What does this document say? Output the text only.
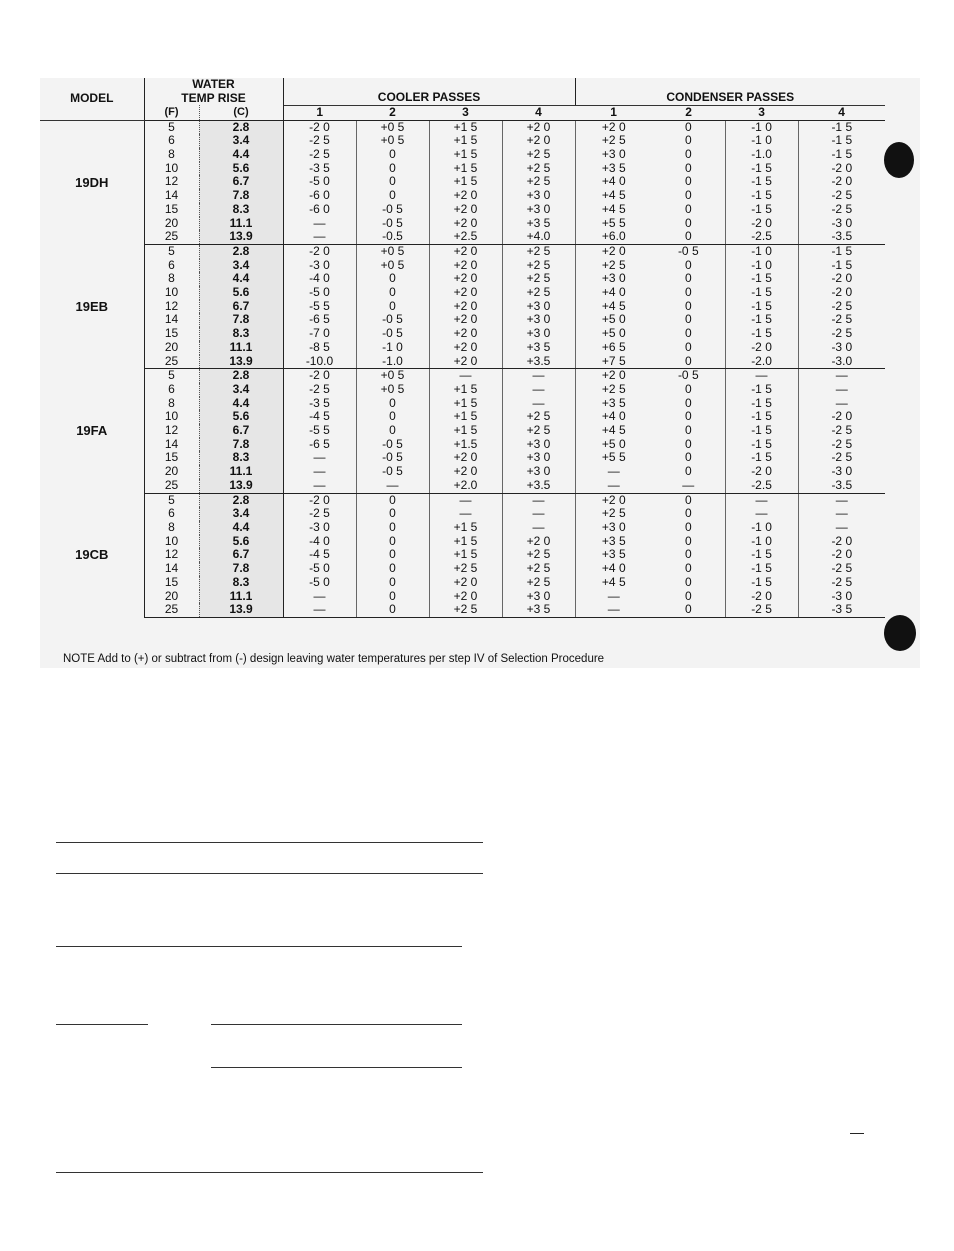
MODEL	WATER
TEMP RISE		COOLER PASSES				CONDENSER PASSES			

	(F)	(C)	1	2	3	4	1	2	3	4
19DH	5	2.8	-2 0	+0 5	+1 5	+2 0	+2 0	0	-1 0	-1 5
	6	3.4	-2 5	+0 5	+1 5	+2 0	+2 5	0	-1 0	-1 5
	8	4.4	-2 5	0	+1 5	+2 5	+3 0	0	-1.0	-1 5
	10	5.6	-3 5	0	+1 5	+2 5	+3 5	0	-1 5	-2 0
	12	6.7	-5 0	0	+1 5	+2 5	+4 0	0	-1 5	-2 0
	14	7.8	-6 0	0	+2 0	+3 0	+4 5	0	-1 5	-2 5
	15	8.3	-6 0	-0 5	+2 0	+3 0	+4 5	0	-1 5	-2 5
	20	11.1	—	-0 5	+2 0	+3 5	+5 5	0	-2 0	-3 0
	25	13.9	—	-0.5	+2.5	+4.0	+6.0	0	-2.5	-3.5
19EB	5	2.8	-2 0	+0 5	+2 0	+2 5	+2 0	-0 5	-1 0	-1 5
	6	3.4	-3 0	+0 5	+2 0	+2 5	+2 5	0	-1 0	-1 5
	8	4.4	-4 0	0	+2 0	+2 5	+3 0	0	-1 5	-2 0
	10	5.6	-5 0	0	+2 0	+2 5	+4 0	0	-1 5	-2 0
	12	6.7	-5 5	0	+2 0	+3 0	+4 5	0	-1 5	-2 5
	14	7.8	-6 5	-0 5	+2 0	+3 0	+5 0	0	-1 5	-2 5
	15	8.3	-7 0	-0 5	+2 0	+3 0	+5 0	0	-1 5	-2 5
	20	11.1	-8 5	-1 0	+2 0	+3 5	+6 5	0	-2 0	-3 0
	25	13.9	-10.0	-1.0	+2 0	+3.5	+7 5	0	-2.0	-3.0
19FA	5	2.8	-2 0	+0 5	—	—	+2 0	-0 5	—	—
	6	3.4	-2 5	+0 5	+1 5	—	+2 5	0	-1 5	—
	8	4.4	-3 5	0	+1 5	—	+3 5	0	-1 5	—
	10	5.6	-4 5	0	+1 5	+2 5	+4 0	0	-1 5	-2 0
	12	6.7	-5 5	0	+1 5	+2 5	+4 5	0	-1 5	-2 5
	14	7.8	-6 5	-0 5	+1.5	+3 0	+5 0	0	-1 5	-2 5
	15	8.3	—	-0 5	+2 0	+3 0	+5 5	0	-1 5	-2 5
	20	11.1	—	-0 5	+2 0	+3 0	—	0	-2 0	-3 0
	25	13.9	—	—	+2.0	+3.5	—	—	-2.5	-3.5
19CB	5	2.8	-2 0	0	—	—	+2 0	0	—	—
	6	3.4	-2 5	0	—	—	+2 5	0	—	—
	8	4.4	-3 0	0	+1 5	—	+3 0	0	-1 0	—
	10	5.6	-4 0	0	+1 5	+2 0	+3 5	0	-1 0	-2 0
	12	6.7	-4 5	0	+1 5	+2 5	+3 5	0	-1 5	-2 0
	14	7.8	-5 0	0	+2 5	+2 5	+4 0	0	-1 5	-2 5
	15	8.3	-5 0	0	+2 0	+2 5	+4 5	0	-1 5	-2 5
	20	11.1	—	0	+2 0	+3 0	—	0	-2 0	-3 0
	25	13.9	—	0	+2 5	+3 5	—	0	-2 5	-3 5
NOTE Add to (+) or subtract from (-) design leaving water temperatures per step IV of Selection Procedure
—
